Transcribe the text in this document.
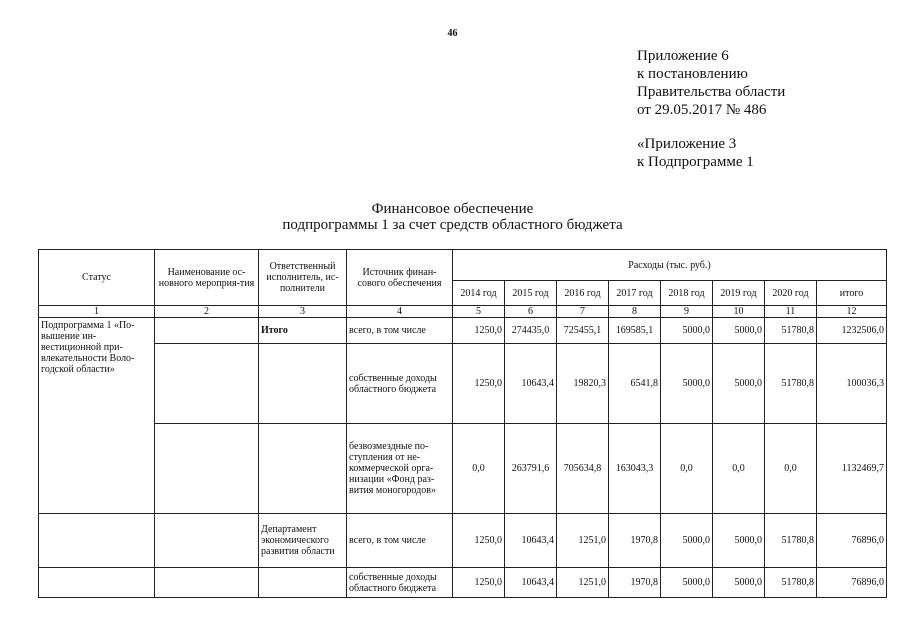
46
Приложение 6
к постановлению
Правительства области
от 29.05.2017 № 486
«Приложение 3
к Подпрограмме 1
Финансовое обеспечение
подпрограммы 1 за счет средств областного бюджета
Статус	Наименование ос-новного мероприя-тия	Ответственный исполнитель, ис-полнители	Источник финан-сового обеспечения	Расходы (тыс. руб.)							
				2014 год	2015 год	2016 год	2017 год	2018 год	2019 год	2020 год	итого
1	2	3	4	5	6	7	8	9	10	11	12
Подпрограмма 1 «По-вышение ин-вестиционной при-влекательности Воло-годской области»		Итого	всего, в том числе	1250,0	274435,0	725455,1	169585,1	5000,0	5000,0	51780,8	1232506,0
			собственные доходы областного бюджета	1250,0	10643,4	19820,3	6541,8	5000,0	5000,0	51780,8	100036,3
			безвозмездные по-ступления от не-коммерческой орга-низации «Фонд раз-вития моногородов»	0,0	263791,6	705634,8	163043,3	0,0	0,0	0,0	1132469,7
		Департамент экономического развития области	всего, в том числе	1250,0	10643,4	1251,0	1970,8	5000,0	5000,0	51780,8	76896,0
			собственные доходы областного бюджета	1250,0	10643,4	1251,0	1970,8	5000,0	5000,0	51780,8	76896,0
